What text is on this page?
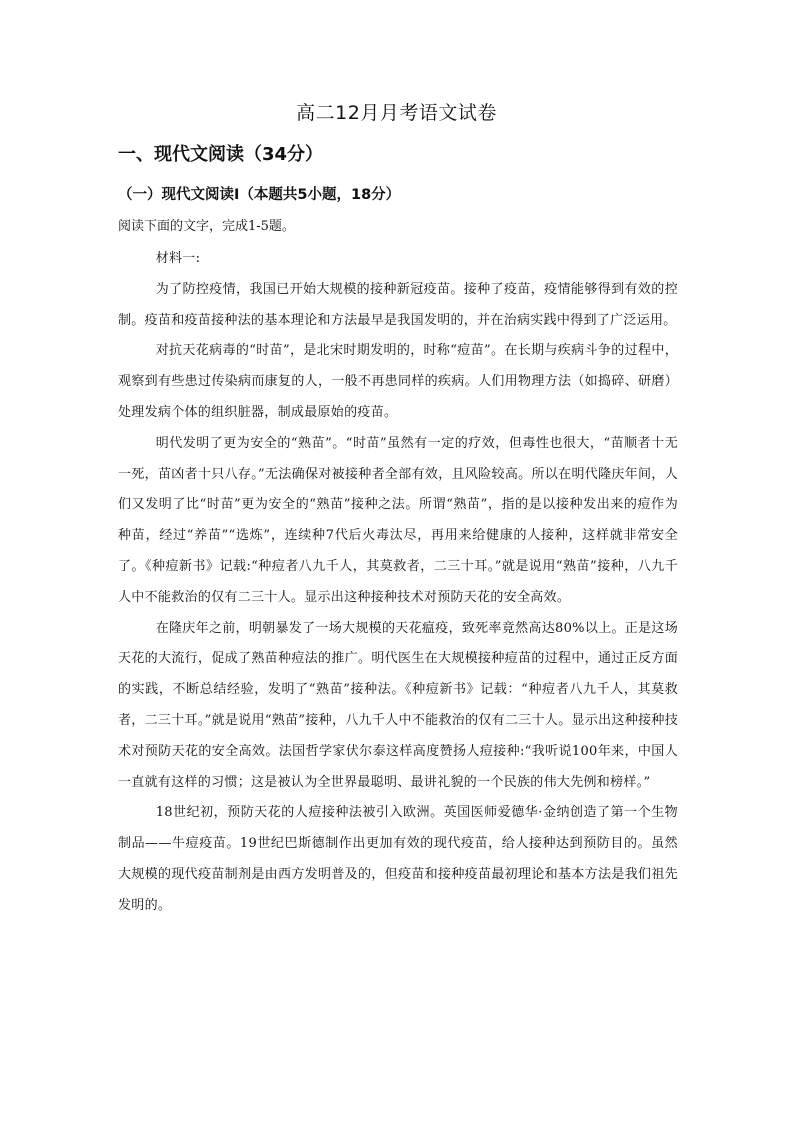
高二12月月考语文试卷
一、现代文阅读（34分）
（一）现代文阅读Ⅰ（本题共5小题，18分）

阅读下面的文字，完成1-5题。

材料一:

为了防控疫情，我国已开始大规模的接种新冠疫苗。接种了疫苗，疫情能够得到有效的控制。疫苗和疫苗接种法的基本理论和方法最早是我国发明的，并在治病实践中得到了广泛运用。

对抗天花病毒的“时苗”，是北宋时期发明的，时称“痘苗”。在长期与疾病斗争的过程中，观察到有些患过传染病而康复的人，一般不再患同样的疾病。人们用物理方法（如捣碎、研磨）处理发病个体的组织脏器，制成最原始的疫苗。

明代发明了更为安全的“熟苗”。“时苗”虽然有一定的疗效，但毒性也很大，“苗顺者十无一死，苗凶者十只八存。”无法确保对被接种者全部有效，且风险较高。所以在明代隆庆年间，人们又发明了比“时苗”更为安全的“熟苗”接种之法。所谓“熟苗”，指的是以接种发出来的痘作为种苗，经过“养苗”“选炼”，连续种7代后火毒汰尽，再用来给健康的人接种，这样就非常安全了。《种痘新书》记载:“种痘者八九千人，其莫救者，二三十耳。”就是说用“熟苗”接种，八九千人中不能救治的仅有二三十人。显示出这种接种技术对预防天花的安全高效。

在隆庆年之前，明朝暴发了一场大规模的天花瘟疫，致死率竟然高达80%以上。正是这场天花的大流行，促成了熟苗种痘法的推广。明代医生在大规模接种痘苗的过程中，通过正反方面的实践，不断总结经验，发明了“熟苗”接种法。《种痘新书》记载：“种痘者八九千人，其莫救者，二三十耳。”就是说用“熟苗”接种，八九千人中不能救治的仅有二三十人。显示出这种接种技术对预防天花的安全高效。法国哲学家伏尔泰这样高度赞扬人痘接种:“我听说100年来，中国人一直就有这样的习惯；这是被认为全世界最聪明、最讲礼貌的一个民族的伟大先例和榜样。”

18世纪初，预防天花的人痘接种法被引入欧洲。英国医师爱德华·金纳创造了第一个生物制品——牛痘疫苗。19世纪巴斯德制作出更加有效的现代疫苗，给人接种达到预防目的。虽然大规模的现代疫苗制剂是由西方发明普及的，但疫苗和接种疫苗最初理论和基本方法是我们祖先发明的。
